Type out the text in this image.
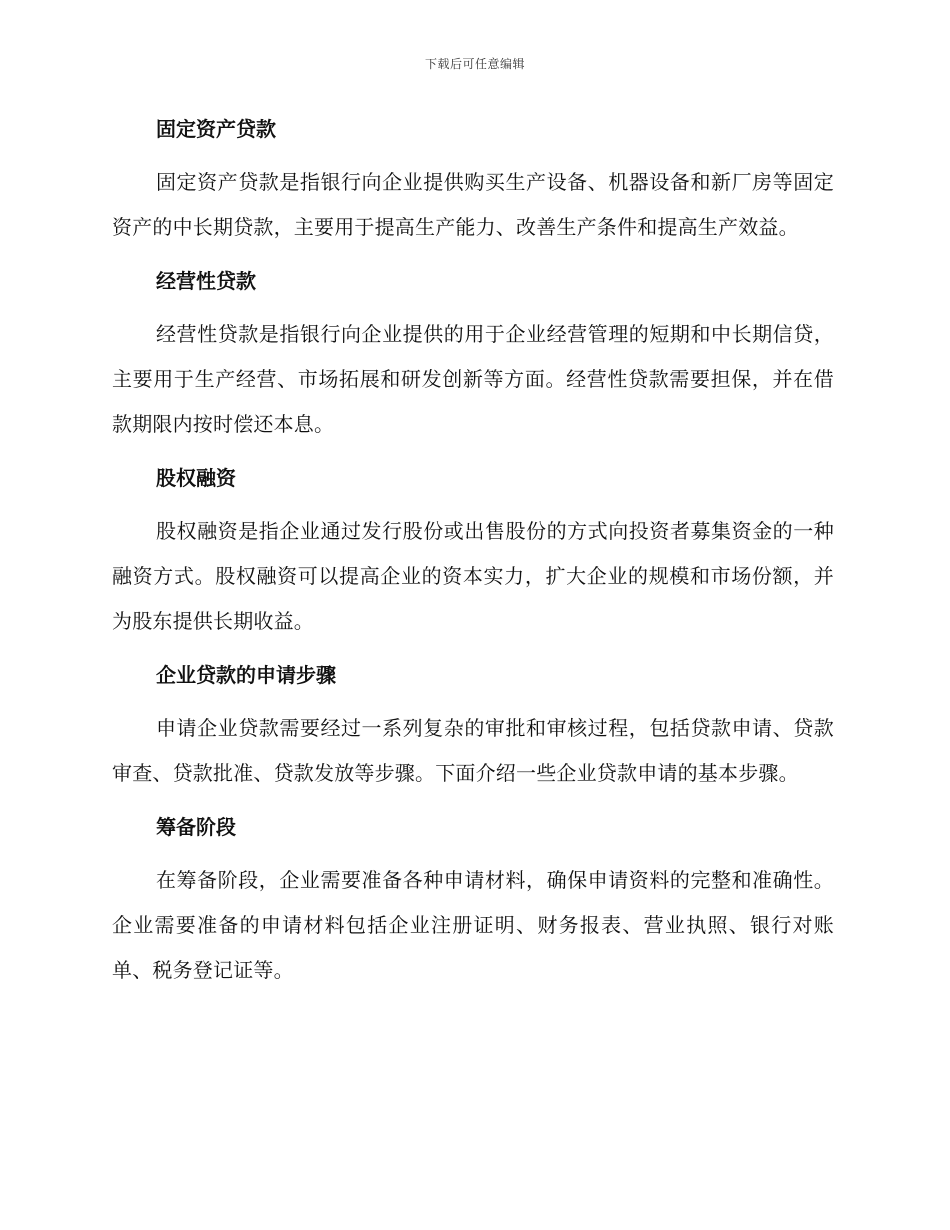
下载后可任意编辑
固定资产贷款

固定资产贷款是指银行向企业提供购买生产设备、机器设备和新厂房等固定资产的中长期贷款，主要用于提高生产能力、改善生产条件和提高生产效益。

经营性贷款

经营性贷款是指银行向企业提供的用于企业经营管理的短期和中长期信贷，主要用于生产经营、市场拓展和研发创新等方面。经营性贷款需要担保，并在借款期限内按时偿还本息。

股权融资

股权融资是指企业通过发行股份或出售股份的方式向投资者募集资金的一种融资方式。股权融资可以提高企业的资本实力，扩大企业的规模和市场份额，并为股东提供长期收益。

企业贷款的申请步骤

申请企业贷款需要经过一系列复杂的审批和审核过程，包括贷款申请、贷款审查、贷款批准、贷款发放等步骤。下面介绍一些企业贷款申请的基本步骤。

筹备阶段

在筹备阶段，企业需要准备各种申请材料，确保申请资料的完整和准确性。企业需要准备的申请材料包括企业注册证明、财务报表、营业执照、银行对账单、税务登记证等。
